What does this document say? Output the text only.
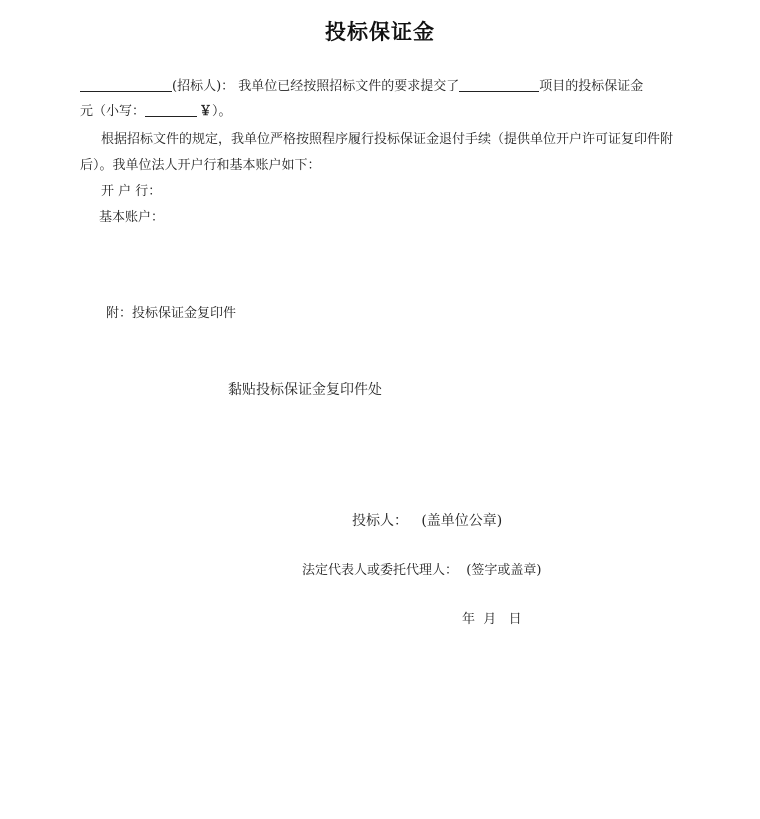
投标保证金
(招标人)： 我单位已经按照招标文件的要求提交了	项目的投标保证金
元（小写：	￥）。
根据招标文件的规定，我单位严格按照程序履行投标保证金退付手续（提供单位开户许可证复印件附
后）。我单位法人开户行和基本账户如下：
开 户 行：
基本账户：
附：投标保证金复印件
黏贴投标保证金复印件处
投标人：   (盖单位公章)
法定代表人或委托代理人：  (签字或盖章)
年  月   日
